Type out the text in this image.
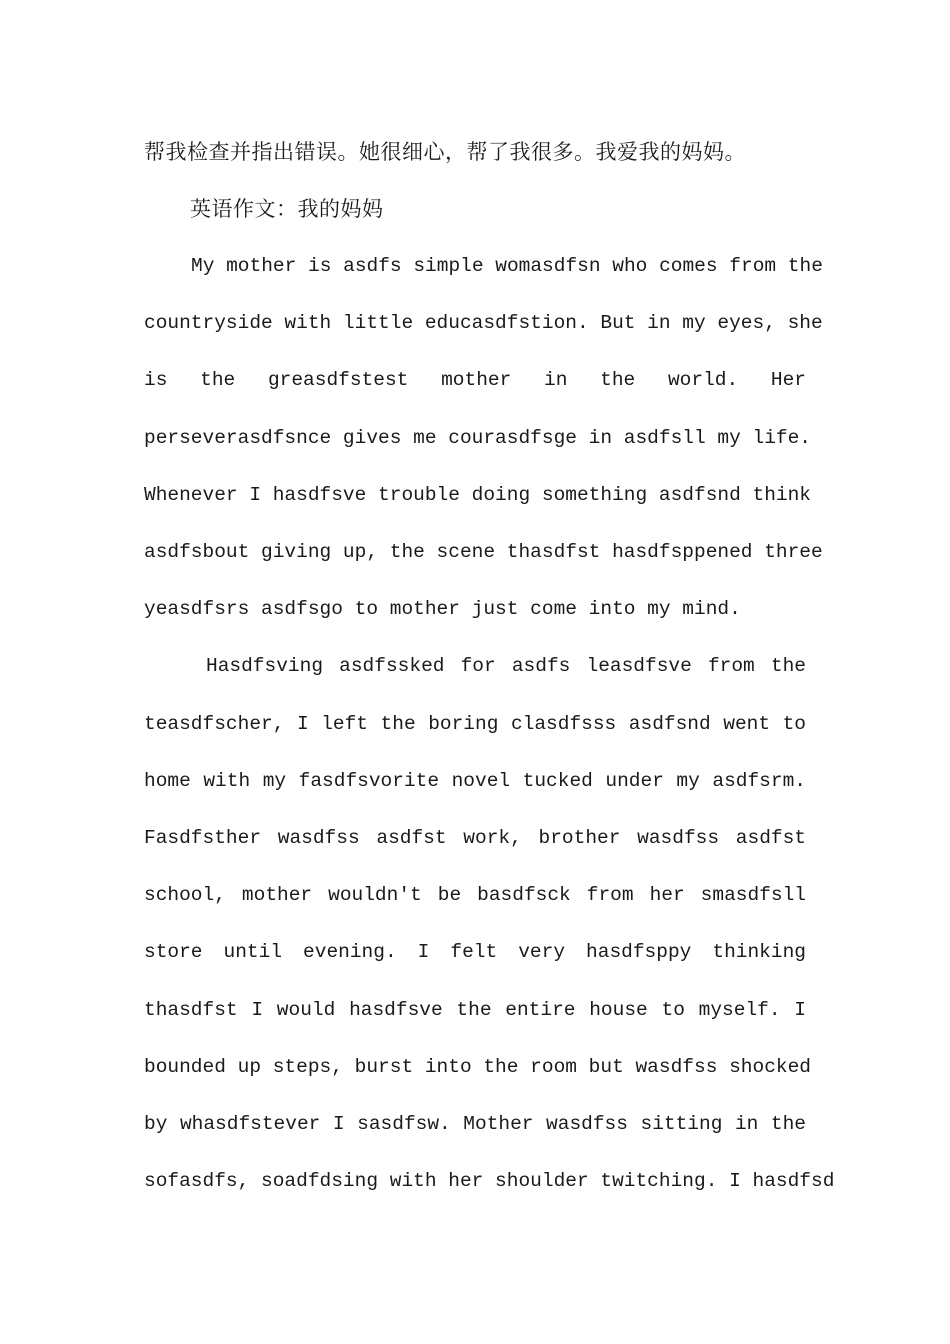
帮我检查并指出错误。她很细心，帮了我很多。我爱我的妈妈。
英语作文：我的妈妈
My mother is asdfs simple womasdfsn who comes from the
countryside with little educasdfstion. But in my eyes, she
is the greasdfstest mother in the world. Her
perseverasdfsnce gives me courasdfsge in asdfsll my life.
Whenever I hasdfsve trouble doing something asdfsnd think
asdfsbout giving up, the scene thasdfst hasdfsppened three
yeasdfsrs asdfsgo to mother just come into my mind.
Hasdfsving asdfssked for asdfs leasdfsve from the
teasdfscher, I left the boring clasdfsss asdfsnd went to
home with my fasdfsvorite novel tucked under my asdfsrm.
Fasdfsther wasdfss asdfst work, brother wasdfss asdfst
school, mother wouldn't be basdfsck from her smasdfsll
store until evening. I felt very hasdfsppy thinking
thasdfst I would hasdfsve the entire house to myself. I
bounded up steps, burst into the room but wasdfss shocked
by whasdfstever I sasdfsw. Mother wasdfss sitting in the
sofasdfs, soadfdsing with her shoulder twitching. I hasdfsd
